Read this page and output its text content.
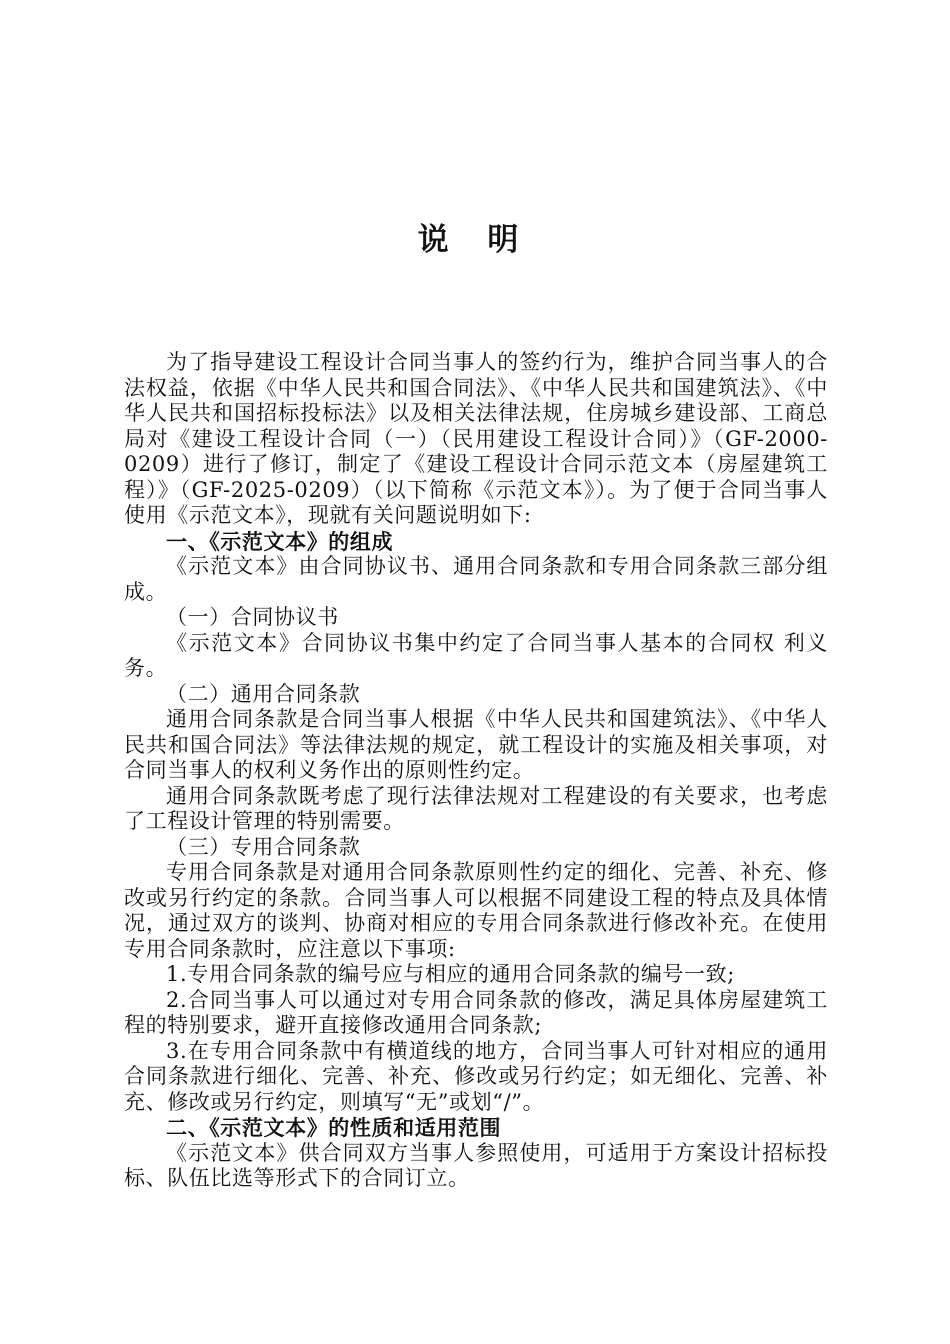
说 明

为了指导建设工程设计合同当事人的签约行为，维护合同当事人的合法权益，依据《中华人民共和国合同法》、《中华人民共和国建筑法》、《中华人民共和国招标投标法》以及相关法律法规，住房城乡建设部、工商总局对《建设工程设计合同（一）（民用建设工程设计合同）》（GF-2000-0209）进行了修订，制定了《建设工程设计合同示范文本（房屋建筑工程）》（GF-2025-0209）（以下简称《示范文本》）。为了便于合同当事人使用《示范文本》，现就有关问题说明如下:

一、《示范文本》的组成

《示范文本》由合同协议书、通用合同条款和专用合同条款三部分组成。

（一）合同协议书

《示范文本》合同协议书集中约定了合同当事人基本的合同权 利义务。

（二）通用合同条款

通用合同条款是合同当事人根据《中华人民共和国建筑法》、《中华人民共和国合同法》等法律法规的规定，就工程设计的实施及相关事项，对合同当事人的权利义务作出的原则性约定。

通用合同条款既考虑了现行法律法规对工程建设的有关要求，也考虑了工程设计管理的特别需要。

（三）专用合同条款

专用合同条款是对通用合同条款原则性约定的细化、完善、补充、修改或另行约定的条款。合同当事人可以根据不同建设工程的特点及具体情况，通过双方的谈判、协商对相应的专用合同条款进行修改补充。在使用专用合同条款时，应注意以下事项:

1.专用合同条款的编号应与相应的通用合同条款的编号一致;

2.合同当事人可以通过对专用合同条款的修改，满足具体房屋建筑工程的特别要求，避开直接修改通用合同条款;

3.在专用合同条款中有横道线的地方，合同当事人可针对相应的通用合同条款进行细化、完善、补充、修改或另行约定；如无细化、完善、补充、修改或另行约定，则填写“无”或划“/”。

二、《示范文本》的性质和适用范围

《示范文本》供合同双方当事人参照使用，可适用于方案设计招标投标、队伍比选等形式下的合同订立。
